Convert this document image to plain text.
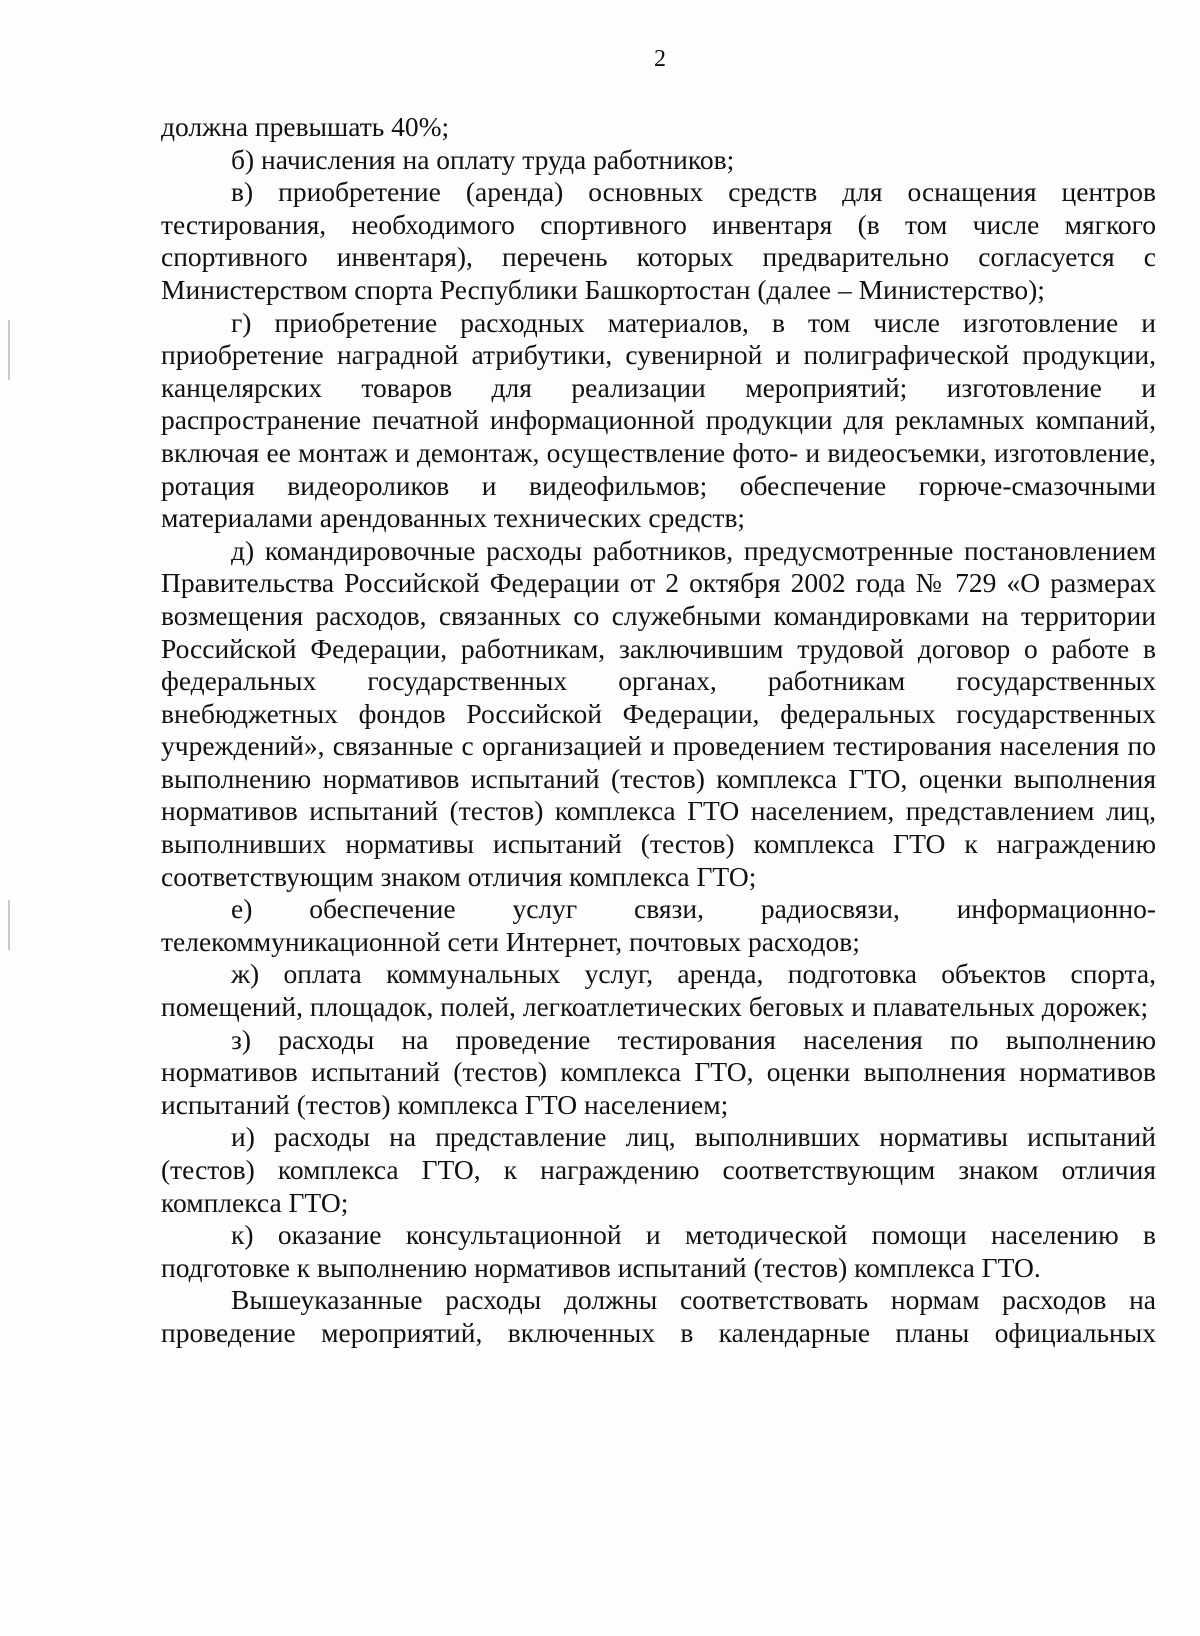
2

должна превышать 40%;

б) начисления на оплату труда работников;

в) приобретение (аренда) основных средств для оснащения центров тестирования, необходимого спортивного инвентаря (в том числе мягкого спортивного инвентаря), перечень которых предварительно согласуется с Министерством спорта Республики Башкортостан (далее – Министерство);

г) приобретение расходных материалов, в том числе изготовление и приобретение наградной атрибутики, сувенирной и полиграфической продукции, канцелярских товаров для реализации мероприятий; изготовление и распространение печатной информационной продукции для рекламных компаний, включая ее монтаж и демонтаж, осуществление фото- и видеосъемки, изготовление, ротация видеороликов и видеофильмов; обеспечение горюче-смазочными материалами арендованных технических средств;

д) командировочные расходы работников, предусмотренные постановлением Правительства Российской Федерации от 2 октября 2002 года № 729 «О размерах возмещения расходов, связанных со служебными командировками на территории Российской Федерации, работникам, заключившим трудовой договор о работе в федеральных государственных органах, работникам государственных внебюджетных фондов Российской Федерации, федеральных государственных учреждений», связанные с организацией и проведением тестирования населения по выполнению нормативов испытаний (тестов) комплекса ГТО, оценки выполнения нормативов испытаний (тестов) комплекса ГТО населением, представлением лиц, выполнивших нормативы испытаний (тестов) комплекса ГТО к награждению соответствующим знаком отличия комплекса ГТО;

е) обеспечение услуг связи, радиосвязи, информационно-телекоммуникационной сети Интернет, почтовых расходов;

ж) оплата коммунальных услуг, аренда, подготовка объектов спорта, помещений, площадок, полей, легкоатлетических беговых и плавательных дорожек;

з) расходы на проведение тестирования населения по выполнению нормативов испытаний (тестов) комплекса ГТО, оценки выполнения нормативов испытаний (тестов) комплекса ГТО населением;

и) расходы на представление лиц, выполнивших нормативы испытаний (тестов) комплекса ГТО, к награждению соответствующим знаком отличия комплекса ГТО;

к) оказание консультационной и методической помощи населению в подготовке к выполнению нормативов испытаний (тестов) комплекса ГТО.

Вышеуказанные расходы должны соответствовать нормам расходов на проведение мероприятий, включенных в календарные планы официальных
